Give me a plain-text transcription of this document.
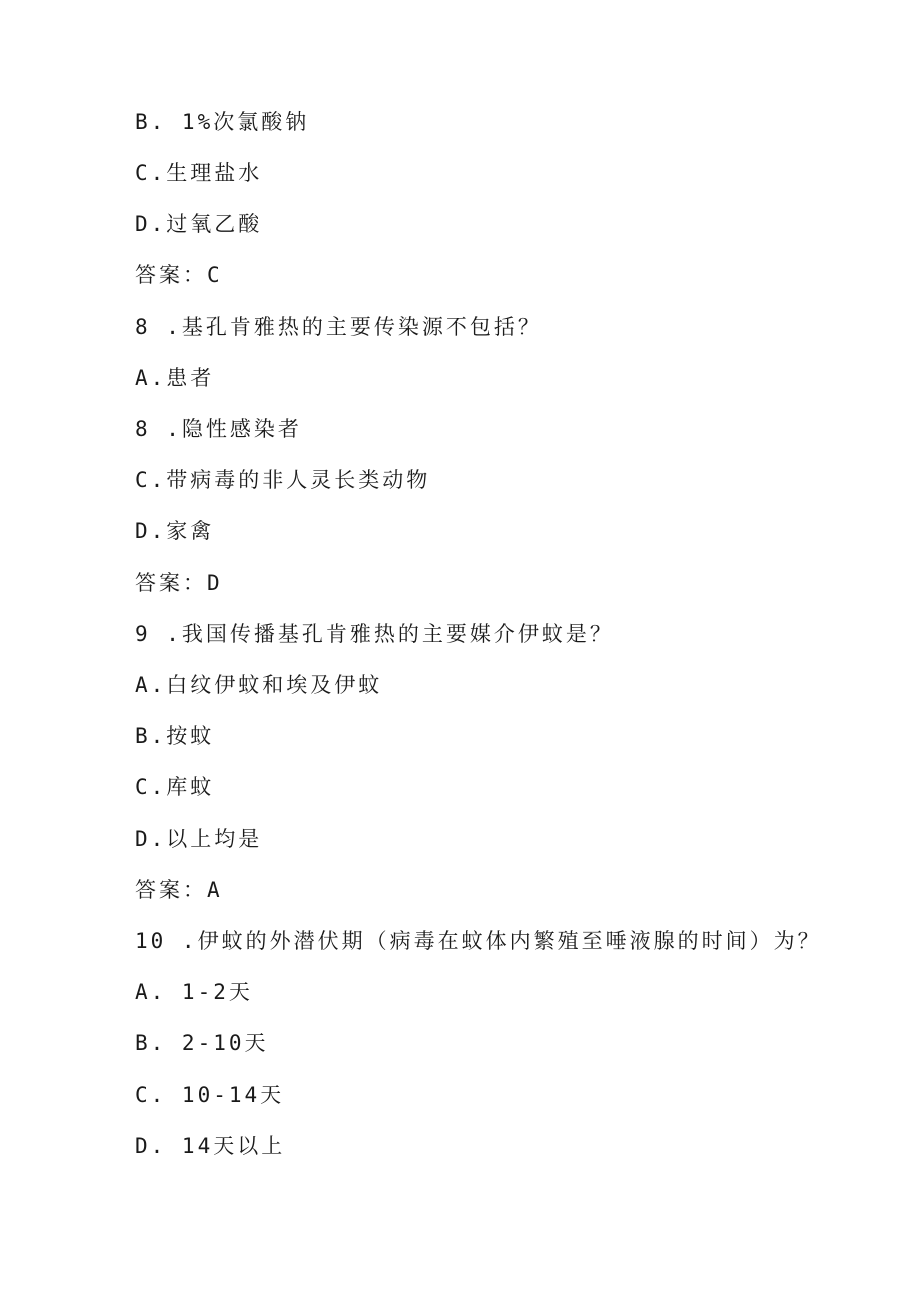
B. 1%次氯酸钠
C.生理盐水
D.过氧乙酸
答案：C
8 .基孔肯雅热的主要传染源不包括？
A.患者
8 .隐性感染者
C.带病毒的非人灵长类动物
D.家禽
答案：D
9 .我国传播基孔肯雅热的主要媒介伊蚊是？
A.白纹伊蚊和埃及伊蚊
B.按蚊
C.库蚊
D.以上均是
答案：A
10 .伊蚊的外潜伏期（病毒在蚊体内繁殖至唾液腺的时间）为？
A. 1-2天
B. 2-10天
C. 10-14天
D. 14天以上
